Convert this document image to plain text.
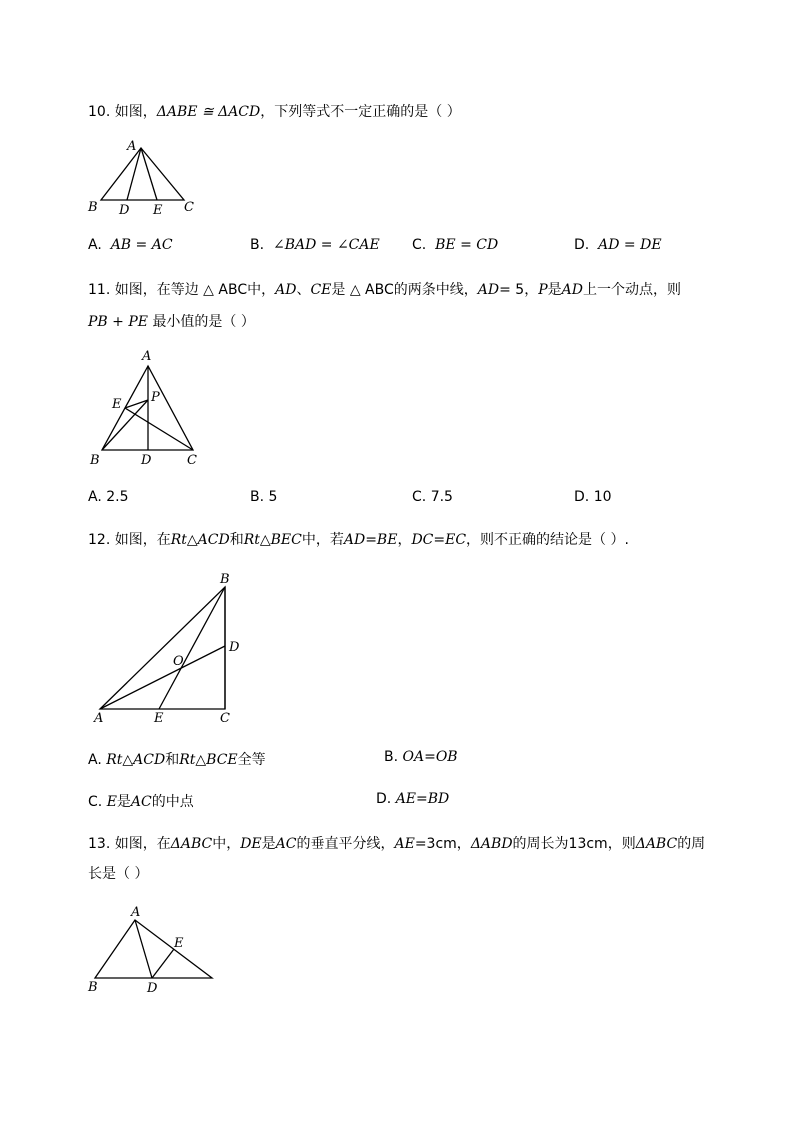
10. 如图，ΔABE ≅ ΔACD，下列等式不一定正确的是（ ）
A
B D E C
A. AB = AC	B. ∠BAD = ∠CAE C. BE = CD	D. AD = DE
11. 如图，在等边 △ ABC中，AD、CE是 △ ABC的两条中线，AD= 5，P是AD上一个动点，则
PB + PE 最小值的是（ ）
A
E P
B	D	C
A. 2.5	B. 5	C. 7.5	D. 10
12. 如图，在Rt△ACD和Rt△BEC中，若AD=BE，DC=EC，则不正确的结论是（ ）.
B
D
O
A	E	C
A. Rt△ACD和Rt△BCE全等	B. OA=OB
C. E是AC的中点	D. AE=BD
13. 如图，在ΔABC中，DE是AC的垂直平分线，AE=3cm，ΔABD的周长为13cm，则ΔABC的周
长是（ ）
A
E
B	D
